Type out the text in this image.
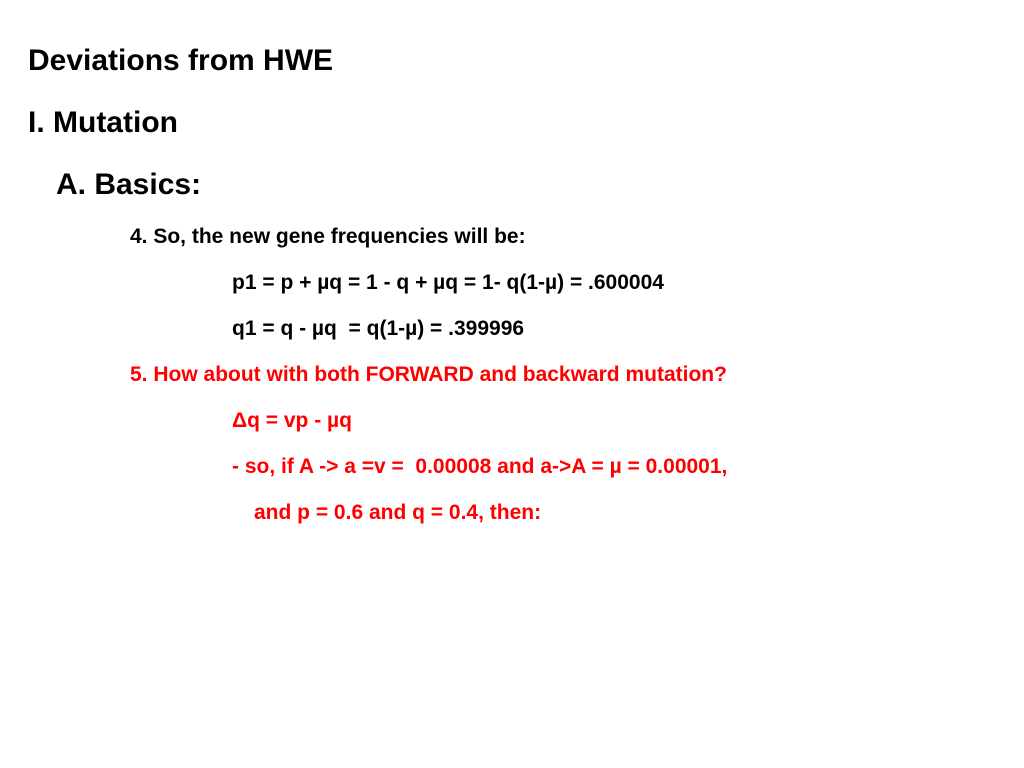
Deviations from HWE
I. Mutation
A. Basics:
4. So, the new gene frequencies will be:
p1 = p + µq = 1 - q + µq = 1- q(1-µ) = .600004
q1 = q - µq  = q(1-µ) = .399996
5. How about with both FORWARD and backward mutation?
Δq = vp - µq
- so, if A -> a =v =  0.00008 and a->A = µ = 0.00001,
and p = 0.6 and q = 0.4, then:
